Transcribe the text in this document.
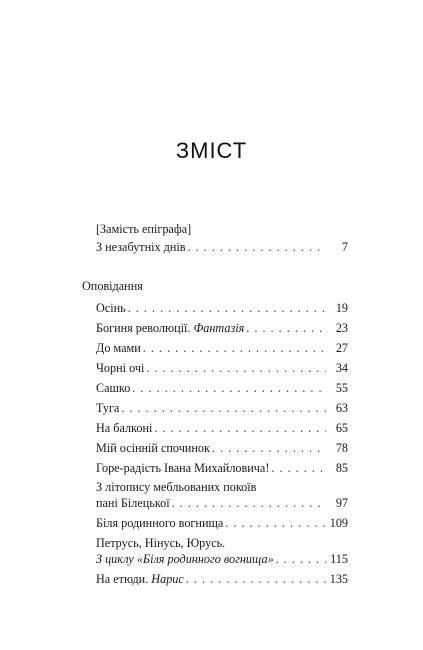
ЗМІСТ
[Замість епіграфа]
З незабутніх днів . . .	7
Оповідання
Осінь . . .	19
Богиня революції. Фантазія . . .	23
До мами . . .	27
Чорні очі . . .	34
Сашко . . .	55
Туга . . .	63
На балконі . . .	65
Мій осінній спочинок . . .	78
Горе-радість Івана Михайловича! . . .	85
З літопису мебльованих покоїв
пані Білецької . . .	97
Біля родинного вогнища . . .	109
Петрусь, Нінусь, Юрусь.
З циклу «Біля родинного вогнища» . . .	115
На етюди. Нарис . . .	135
